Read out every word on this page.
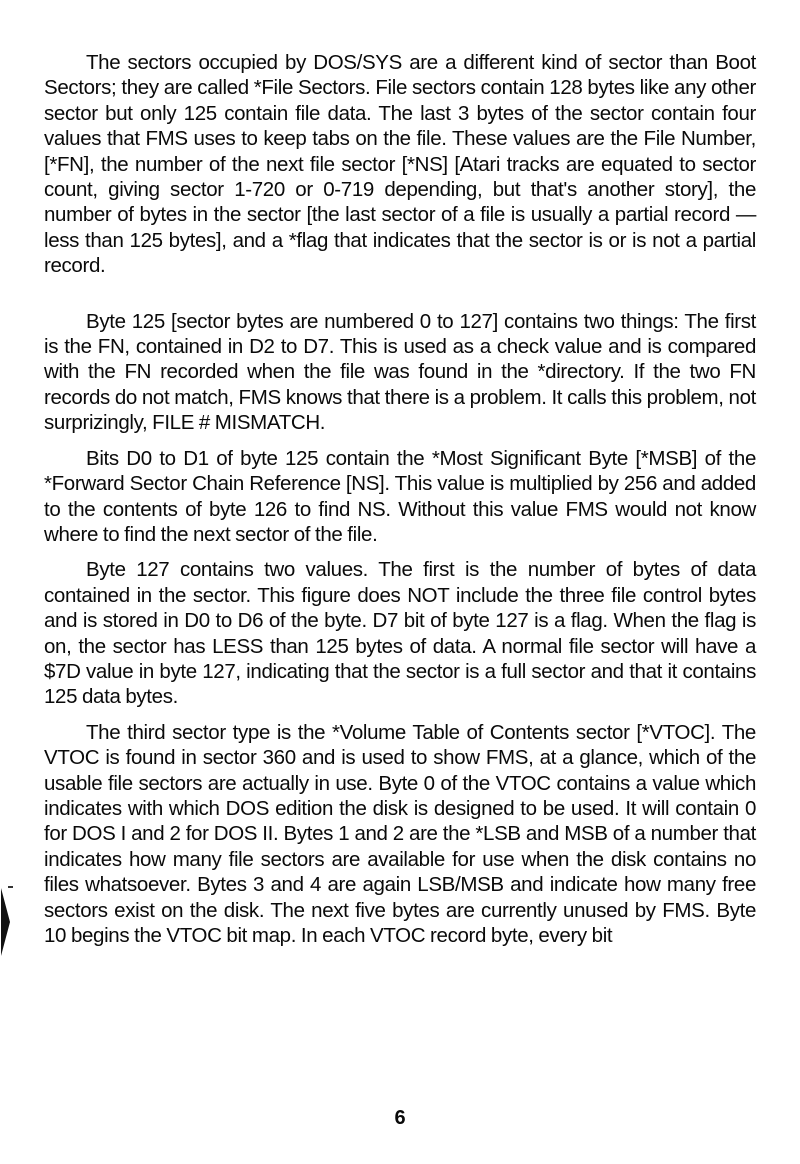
The sectors occupied by DOS/SYS are a different kind of sector than Boot Sectors; they are called *File Sectors. File sectors contain 128 bytes like any other sector but only 125 contain file data. The last 3 bytes of the sector contain four values that FMS uses to keep tabs on the file. These values are the File Number, [*FN], the number of the next file sector [*NS] [Atari tracks are equated to sector count, giving sector 1-720 or 0-719 depending, but that's another story], the number of bytes in the sector [the last sector of a file is usually a partial record — less than 125 bytes], and a *flag that indicates that the sector is or is not a partial record.

Byte 125 [sector bytes are numbered 0 to 127] contains two things: The first is the FN, contained in D2 to D7. This is used as a check value and is compared with the FN recorded when the file was found in the *directory. If the two FN records do not match, FMS knows that there is a problem. It calls this problem, not surprizingly, FILE # MISMATCH.

Bits D0 to D1 of byte 125 contain the *Most Significant Byte [*MSB] of the *Forward Sector Chain Reference [NS]. This value is multiplied by 256 and added to the contents of byte 126 to find NS. Without this value FMS would not know where to find the next sector of the file.

Byte 127 contains two values. The first is the number of bytes of data contained in the sector. This figure does NOT include the three file control bytes and is stored in D0 to D6 of the byte. D7 bit of byte 127 is a flag. When the flag is on, the sector has LESS than 125 bytes of data. A normal file sector will have a $7D value in byte 127, indicating that the sector is a full sector and that it contains 125 data bytes.

The third sector type is the *Volume Table of Contents sector [*VTOC]. The VTOC is found in sector 360 and is used to show FMS, at a glance, which of the usable file sectors are actually in use. Byte 0 of the VTOC contains a value which indicates with which DOS edition the disk is designed to be used. It will contain 0 for DOS I and 2 for DOS II. Bytes 1 and 2 are the *LSB and MSB of a number that indicates how many file sectors are available for use when the disk contains no files whatsoever. Bytes 3 and 4 are again LSB/MSB and indicate how many free sectors exist on the disk. The next five bytes are currently unused by FMS. Byte 10 begins the VTOC bit map. In each VTOC record byte, every bit

6
